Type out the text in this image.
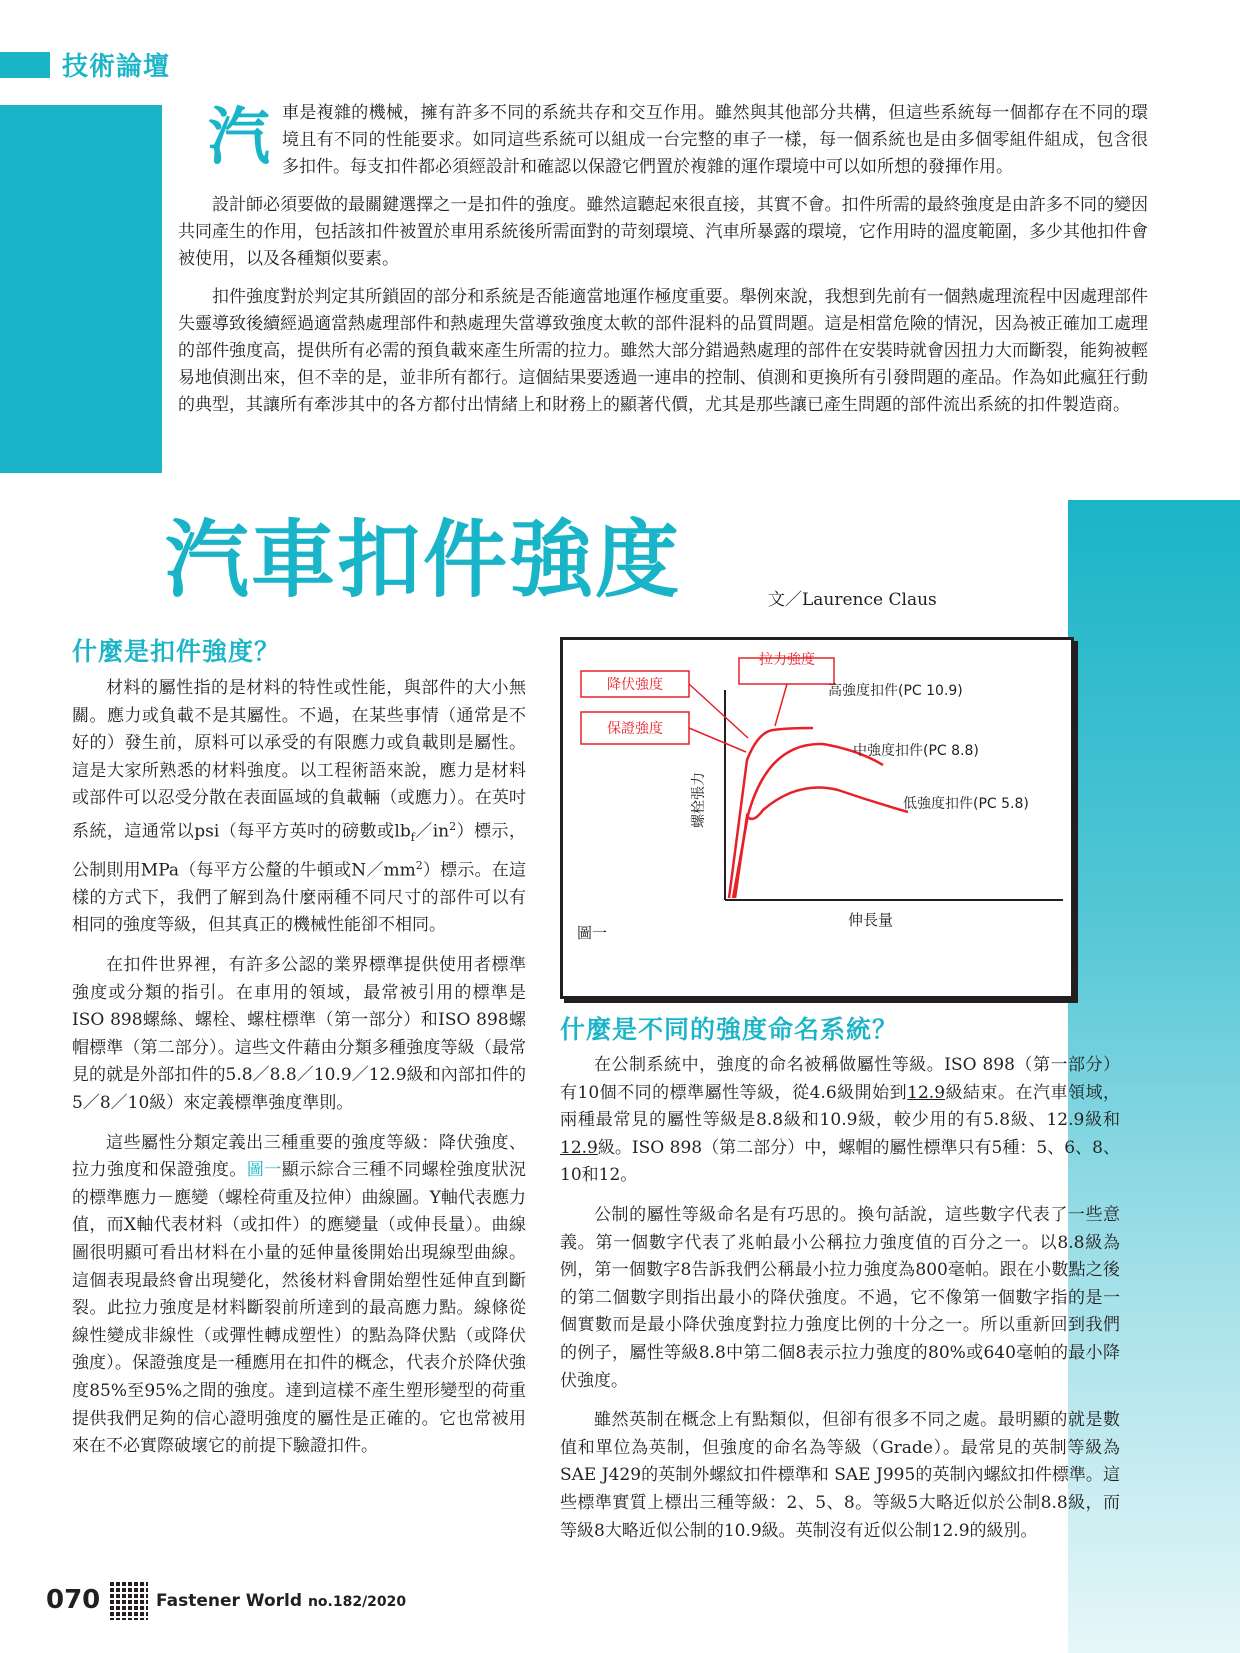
技術論壇

汽車是複雜的機械，擁有許多不同的系統共存和交互作用。雖然與其他部分共構，但這些系統每一個都存在不同的環境且有不同的性能要求。如同這些系統可以組成一台完整的車子一樣，每一個系統也是由多個零組件組成，包含很多扣件。每支扣件都必須經設計和確認以保證它們置於複雜的運作環境中可以如所想的發揮作用。

設計師必須要做的最關鍵選擇之一是扣件的強度。雖然這聽起來很直接，其實不會。扣件所需的最終強度是由許多不同的變因共同產生的作用，包括該扣件被置於車用系統後所需面對的苛刻環境、汽車所暴露的環境，它作用時的溫度範圍，多少其他扣件會被使用，以及各種類似要素。

扣件強度對於判定其所鎖固的部分和系統是否能適當地運作極度重要。舉例來說，我想到先前有一個熱處理流程中因處理部件失靈導致後續經過適當熱處理部件和熱處理失當導致強度太軟的部件混料的品質問題。這是相當危險的情況，因為被正確加工處理的部件強度高，提供所有必需的預負載來產生所需的拉力。雖然大部分錯過熱處理的部件在安裝時就會因扭力大而斷裂，能夠被輕易地偵測出來，但不幸的是，並非所有都行。這個結果要透過一連串的控制、偵測和更換所有引發問題的產品。作為如此瘋狂行動的典型，其讓所有牽涉其中的各方都付出情緒上和財務上的顯著代價，尤其是那些讓已產生問題的部件流出系統的扣件製造商。

汽車扣件強度	文／Laurence Claus
什麼是扣件強度？

材料的屬性指的是材料的特性或性能，與部件的大小無關。應力或負載不是其屬性。不過，在某些事情（通常是不好的）發生前，原料可以承受的有限應力或負載則是屬性。這是大家所熟悉的材料強度。以工程術語來說，應力是材料或部件可以忍受分散在表面區域的負載輛（或應力）。在英吋系統，這通常以psi（每平方英吋的磅數或$lb_f/in^2$）標示，公制則用MPa（每平方公釐的牛頓或$N/mm^2$）標示。在這樣的方式下，我們了解到為什麼兩種不同尺寸的部件可以有相同的強度等級，但其真正的機械性能卻不相同。

在扣件世界裡，有許多公認的業界標準提供使用者標準強度或分類的指引。在車用的領域，最常被引用的標準是ISO 898螺絲、螺栓、螺柱標準（第一部分）和ISO 898螺帽標準（第二部分）。這些文件藉由分類多種強度等級（最常見的就是外部扣件的5.8／8.8／10.9／12.9級和內部扣件的5／8／10級）來定義標準強度準則。

這些屬性分類定義出三種重要的強度等級：降伏強度、拉力強度和保證強度。圖一顯示綜合三種不同螺栓強度狀況的標準應力－應變（螺栓荷重及拉伸）曲線圖。Y軸代表應力值，而X軸代表材料（或扣件）的應變量（或伸長量）。曲線圖很明顯可看出材料在小量的延伸量後開始出現線型曲線。這個表現最終會出現變化，然後材料會開始塑性延伸直到斷裂。此拉力強度是材料斷裂前所達到的最高應力點。線條從線性變成非線性（或彈性轉成塑性）的點為降伏點（或降伏強度）。保證強度是一種應用在扣件的概念，代表介於降伏強度85%至95%之間的強度。達到這樣不產生塑形變型的荷重提供我們足夠的信心證明強度的屬性是正確的。它也常被用來在不必實際破壞它的前提下驗證扣件。

拉力強度
降伏強度
保證強度
高強度扣件(PC 10.9)
中強度扣件(PC 8.8)
低強度扣件(PC 5.8)
螺栓張力
伸長量
圖一
什麼是不同的強度命名系統？

在公制系統中，強度的命名被稱做屬性等級。ISO 898（第一部分）有10個不同的標準屬性等級，從4.6級開始到12.9級結束。在汽車領域，兩種最常見的屬性等級是8.8級和10.9級，較少用的有5.8級、12.9級和12.9級。ISO 898（第二部分）中，螺帽的屬性標準只有5種：5、6、8、10和12。

公制的屬性等級命名是有巧思的。換句話說，這些數字代表了一些意義。第一個數字代表了兆帕最小公稱拉力強度值的百分之一。以8.8級為例，第一個數字8告訴我們公稱最小拉力強度為800毫帕。跟在小數點之後的第二個數字則指出最小的降伏強度。不過，它不像第一個數字指的是一個實數而是最小降伏強度對拉力強度比例的十分之一。所以重新回到我們的例子，屬性等級8.8中第二個8表示拉力強度的80%或640毫帕的最小降伏強度。

雖然英制在概念上有點類似，但卻有很多不同之處。最明顯的就是數值和單位為英制，但強度的命名為等級（Grade）。最常見的英制等級為SAE J429的英制外螺紋扣件標準和 SAE J995的英制內螺紋扣件標準。這些標準實質上標出三種等級：2、5、8。等級5大略近似於公制8.8級，而等級8大略近似公制的10.9級。英制沒有近似公制12.9的級別。

070	Fastener World no.182/2020
